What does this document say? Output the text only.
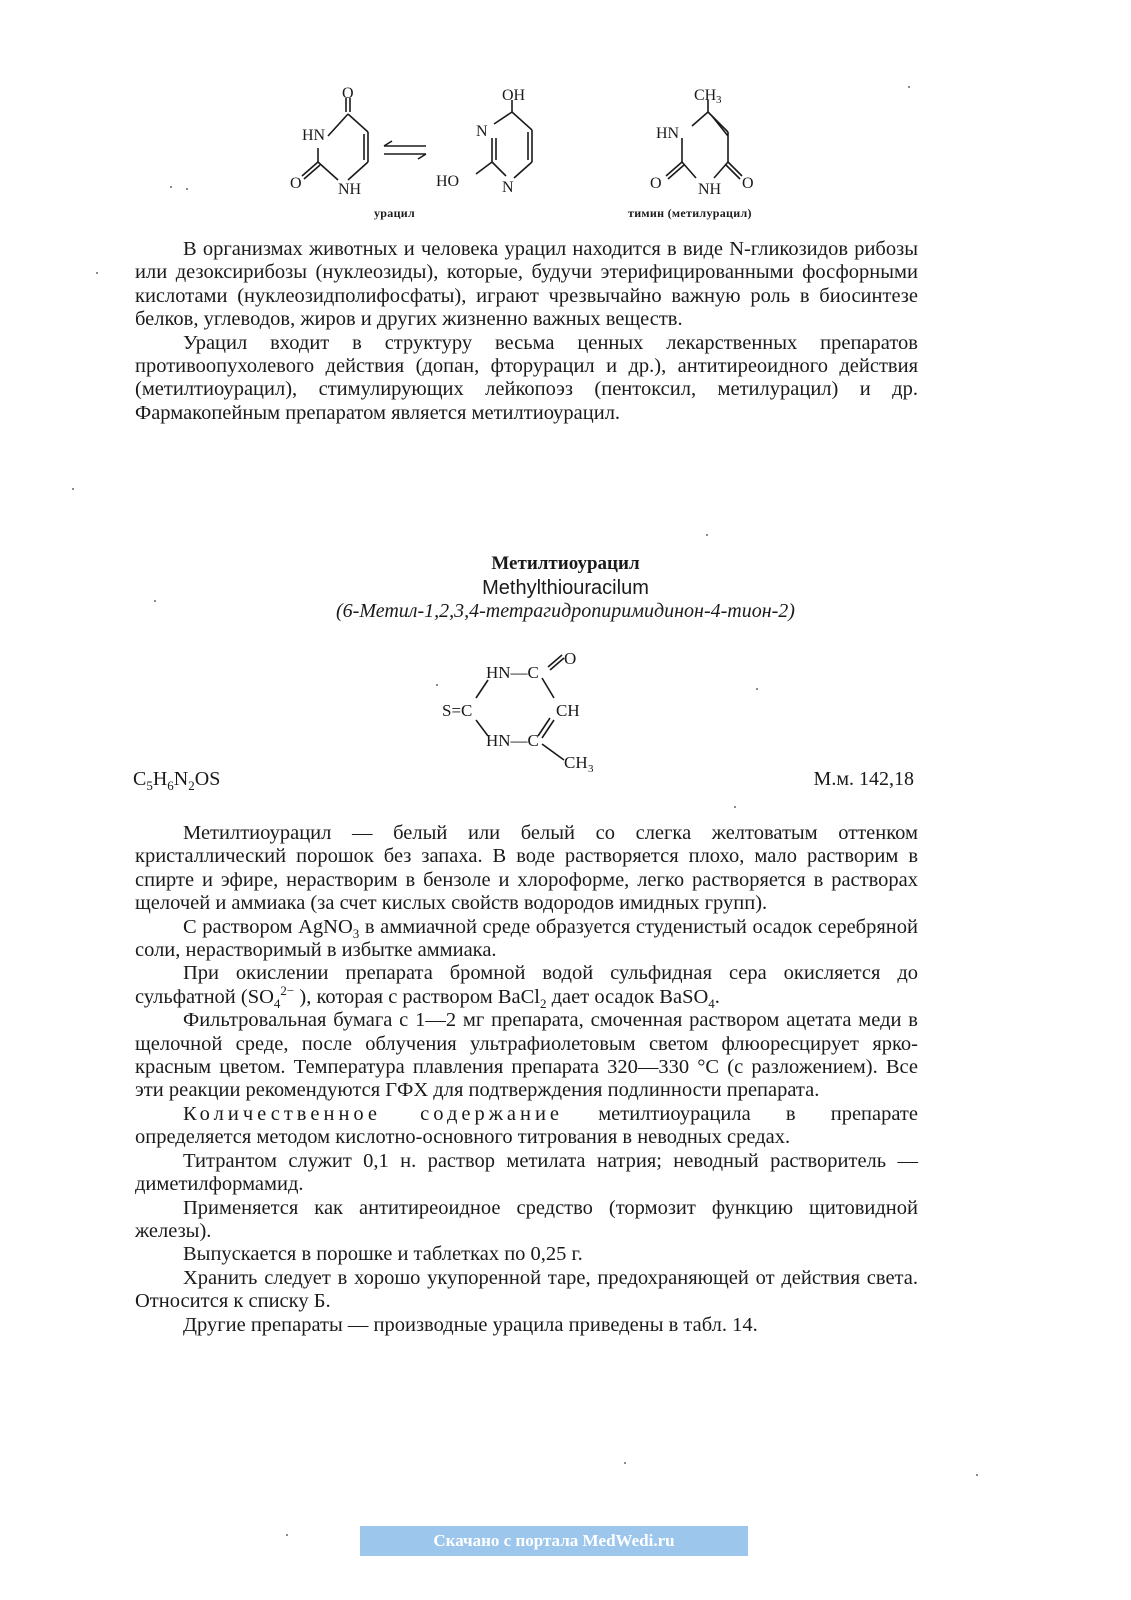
O
HN
O NH
OH
N
HO	N
CH 3
HN
O NH O
урацил	тимин (метилурацил)

В организмах животных и человека урацил находится в виде N-гликозидов рибозы или дезоксирибозы (нуклеозиды), которые, будучи этерифицированными фосфорными кислотами (нуклеозидполифосфаты), играют чрезвычайно важную роль в биосинтезе белков, углеводов, жиров и других жизненно важных веществ.

Урацил входит в структуру весьма ценных лекарственных препаратов противоопухолевого действия (допан, фторурацил и др.), антитиреоидного действия (метилтиоурацил), стимулирующих лейкопоэз (пентоксил, метилурацил) и др. Фармакопейным препаратом является метилтиоурацил.

Метилтиоурацил
Methylthiouracilum
(6-Метил-1,2,3,4-тетрагидропиримидинон-4-тион-2)
HN—C
O
S=C	CH
HN—C
CH 3
$C_5H_6N_2OS$	М.м. 142,18

Метилтиоурацил — белый или белый со слегка желтоватым оттенком кристаллический порошок без запаха. В воде растворяется плохо, мало растворим в спирте и эфире, нерастворим в бензоле и хлороформе, легко растворяется в растворах щелочей и аммиака (за счет кислых свойств водородов имидных групп).

С раствором AgNO$_3$ в аммиачной среде образуется студенистый осадок серебряной соли, нерастворимый в избытке аммиака.

При окислении препарата бромной водой сульфидная сера окисляется до сульфатной ($SO_4^{2-}$ ), которая с раствором BaCl$_2$ дает осадок BaSO$_4$.

Фильтровальная бумага с 1—2 мг препарата, смоченная раствором ацетата меди в щелочной среде, после облучения ультрафиолетовым светом флюоресцирует ярко-красным цветом. Температура плавления препарата 320—330 °С (с разложением). Все эти реакции рекомендуются ГФХ для подтверждения подлинности препарата.

Количественное содержание метилтиоурацила в препарате определяется методом кислотно-основного титрования в неводных средах.

Титрантом служит 0,1 н. раствор метилата натрия; неводный растворитель — диметилформамид.

Применяется как антитиреоидное средство (тормозит функцию щитовидной железы).

Выпускается в порошке и таблетках по 0,25 г.

Хранить следует в хорошо укупоренной таре, предохраняющей от действия света. Относится к списку Б.

Другие препараты — производные урацила приведены в табл. 14.

Скачано с портала MedWedi.ru
